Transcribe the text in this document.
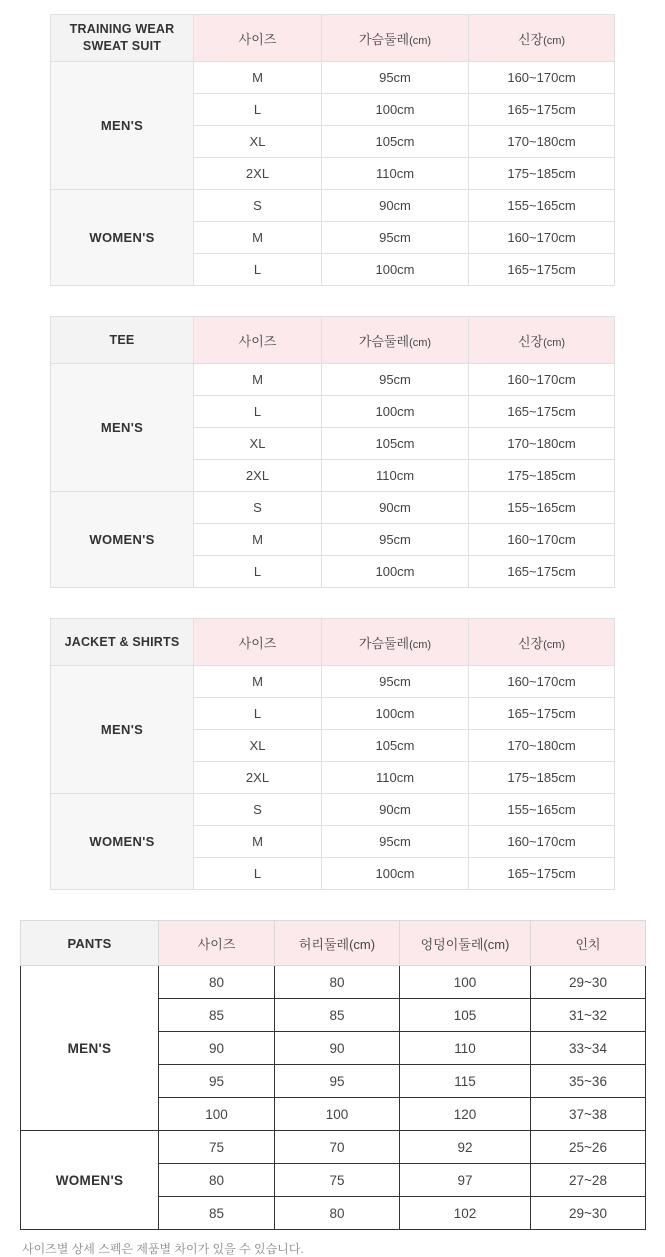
TRAINING WEAR
SWEAT SUIT	사이즈	가슴둘레(cm)	신장(cm)
MEN'S	M	95cm	160~170cm
	L	100cm	165~175cm
	XL	105cm	170~180cm
	2XL	110cm	175~185cm
WOMEN'S	S	90cm	155~165cm
	M	95cm	160~170cm
	L	100cm	165~175cm
TEE	사이즈	가슴둘레(cm)	신장(cm)
MEN'S	M	95cm	160~170cm
	L	100cm	165~175cm
	XL	105cm	170~180cm
	2XL	110cm	175~185cm
WOMEN'S	S	90cm	155~165cm
	M	95cm	160~170cm
	L	100cm	165~175cm
JACKET & SHIRTS	사이즈	가슴둘레(cm)	신장(cm)
MEN'S	M	95cm	160~170cm
	L	100cm	165~175cm
	XL	105cm	170~180cm
	2XL	110cm	175~185cm
WOMEN'S	S	90cm	155~165cm
	M	95cm	160~170cm
	L	100cm	165~175cm
PANTS	사이즈	허리둘레(cm)	엉덩이둘레(cm)	인치
MEN'S	80	80	100	29~30
	85	85	105	31~32
	90	90	110	33~34
	95	95	115	35~36
	100	100	120	37~38
WOMEN'S	75	70	92	25~26
	80	75	97	27~28
	85	80	102	29~30
사이즈별 상세 스펙은 제품별 차이가 있을 수 있습니다.
